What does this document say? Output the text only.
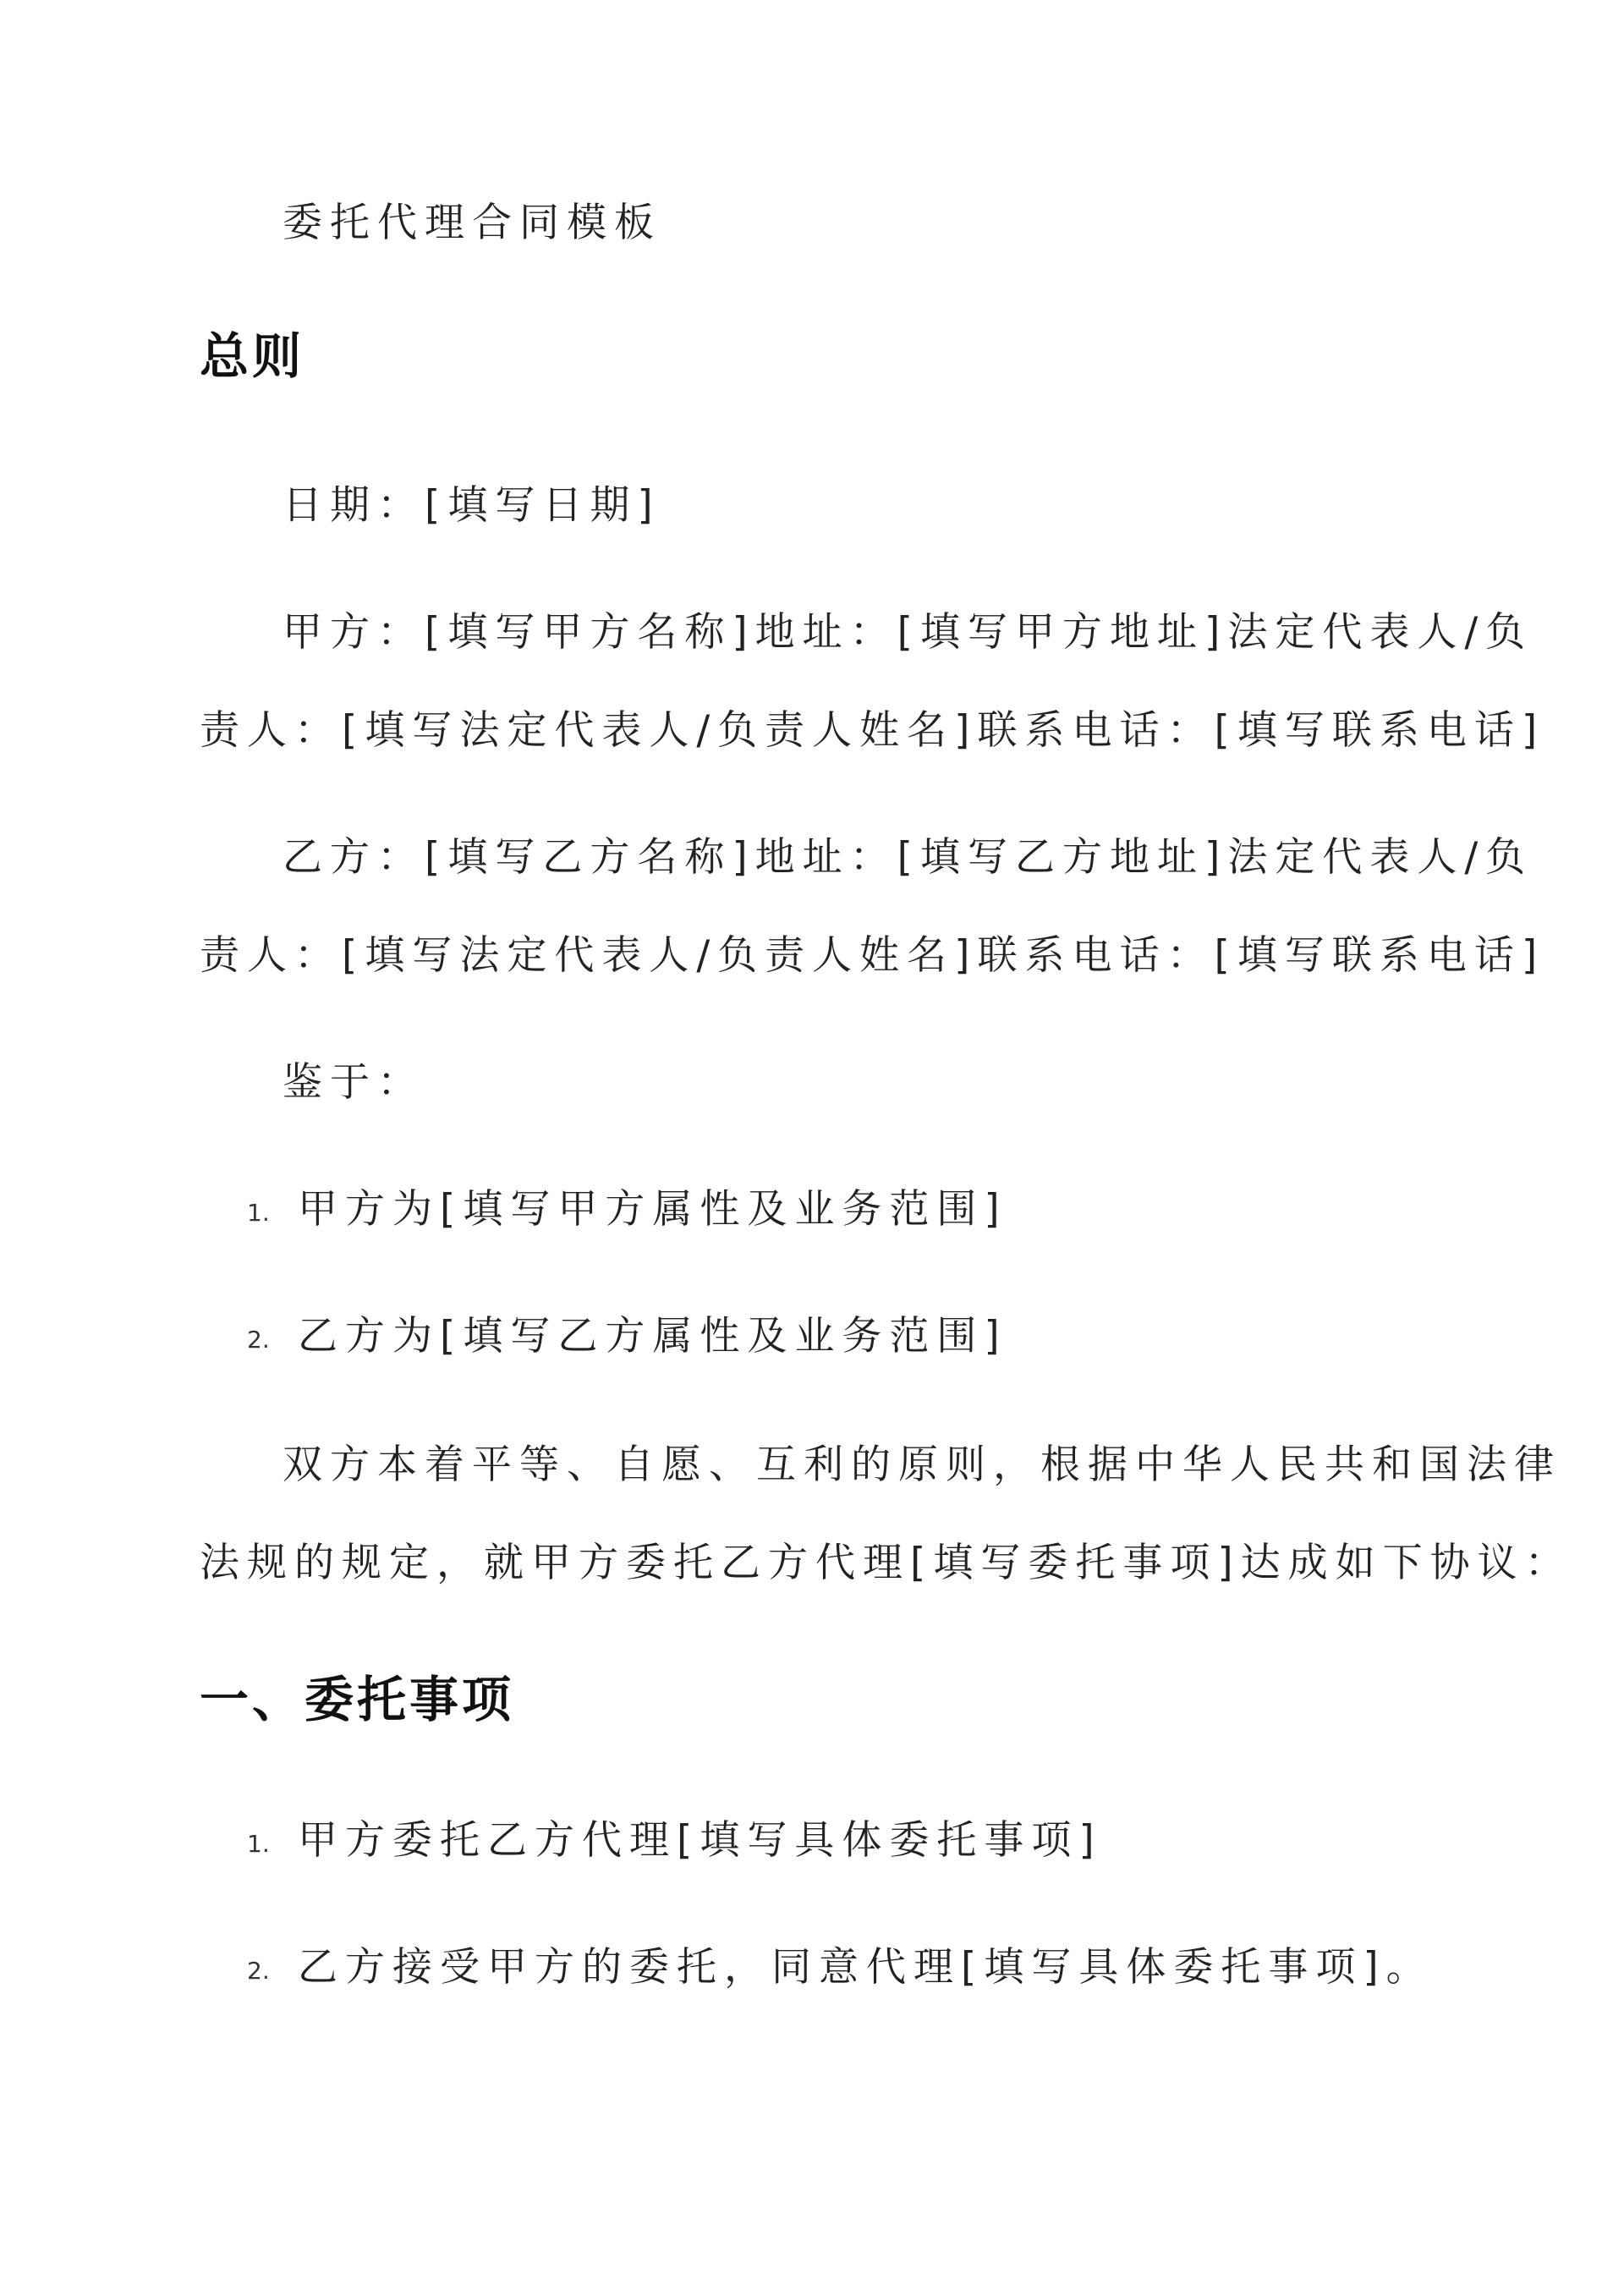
委托代理合同模板
总则
日期：[填写日期]
甲方：[填写甲方名称]地址：[填写甲方地址]法定代表人/负
责人：[填写法定代表人/负责人姓名]联系电话：[填写联系电话]
乙方：[填写乙方名称]地址：[填写乙方地址]法定代表人/负
责人：[填写法定代表人/负责人姓名]联系电话：[填写联系电话]
鉴于：
1. 甲方为[填写甲方属性及业务范围]
2. 乙方为[填写乙方属性及业务范围]
双方本着平等、自愿、互利的原则，根据中华人民共和国法律
法规的规定，就甲方委托乙方代理[填写委托事项]达成如下协议：
一、委托事项
1. 甲方委托乙方代理[填写具体委托事项]
2. 乙方接受甲方的委托，同意代理[填写具体委托事项]。
